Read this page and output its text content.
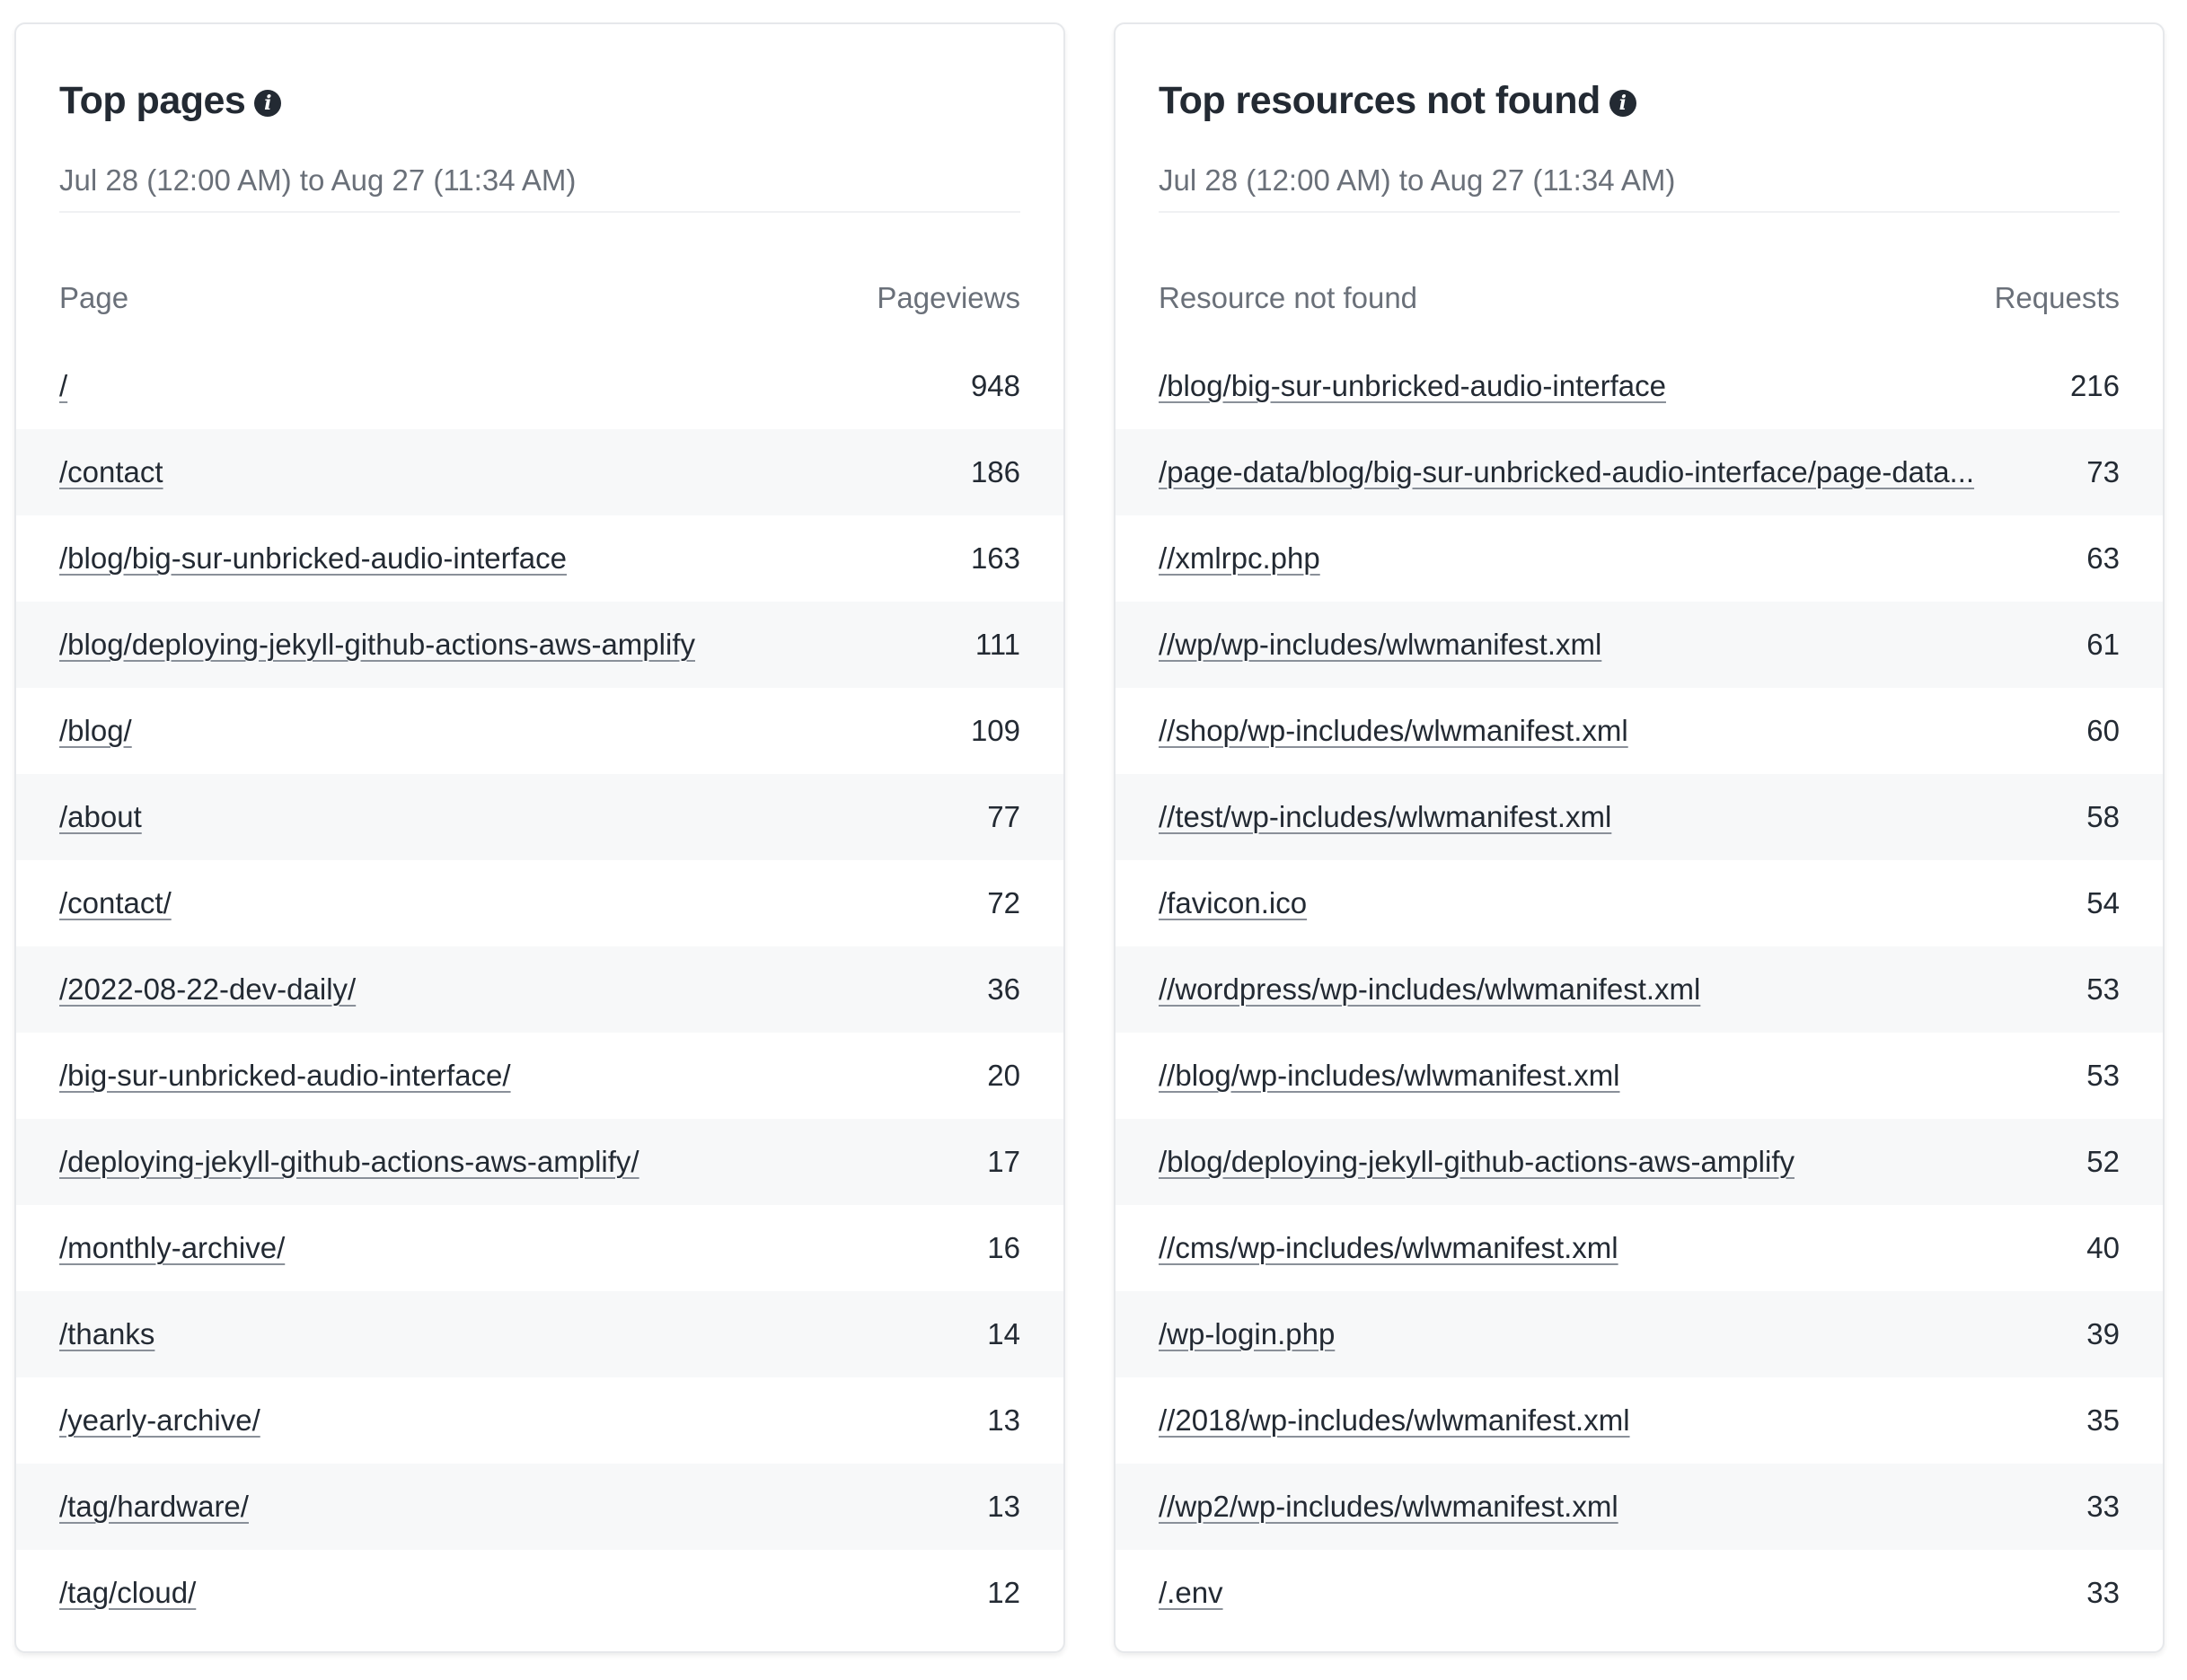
Top pages i
Jul 28 (12:00 AM) to Aug 27 (11:34 AM)
Page	Pageviews
/	948
/contact	186
/blog/big-sur-unbricked-audio-interface	163
/blog/deploying-jekyll-github-actions-aws-amplify	111
/blog/	109
/about	77
/contact/	72
/2022-08-22-dev-daily/	36
/big-sur-unbricked-audio-interface/	20
/deploying-jekyll-github-actions-aws-amplify/	17
/monthly-archive/	16
/thanks	14
/yearly-archive/	13
/tag/hardware/	13
/tag/cloud/	12
Top resources not found i
Jul 28 (12:00 AM) to Aug 27 (11:34 AM)
Resource not found	Requests
/blog/big-sur-unbricked-audio-interface	216
/page-data/blog/big-sur-unbricked-audio-interface/page-data...	73
//xmlrpc.php	63
//wp/wp-includes/wlwmanifest.xml	61
//shop/wp-includes/wlwmanifest.xml	60
//test/wp-includes/wlwmanifest.xml	58
/favicon.ico	54
//wordpress/wp-includes/wlwmanifest.xml	53
//blog/wp-includes/wlwmanifest.xml	53
/blog/deploying-jekyll-github-actions-aws-amplify	52
//cms/wp-includes/wlwmanifest.xml	40
/wp-login.php	39
//2018/wp-includes/wlwmanifest.xml	35
//wp2/wp-includes/wlwmanifest.xml	33
/.env	33
